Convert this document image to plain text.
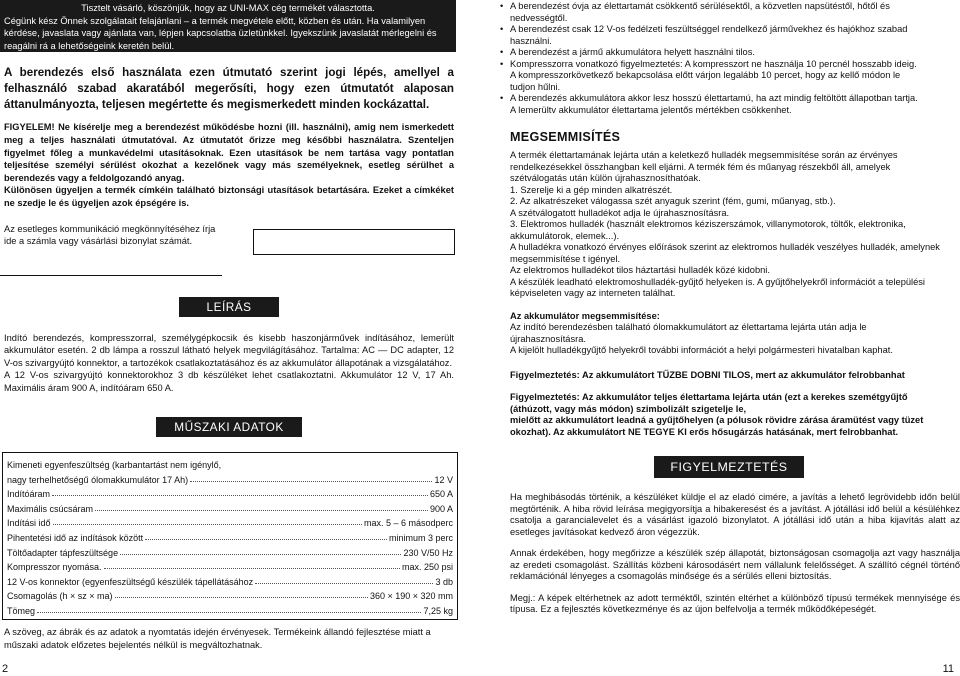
Tisztelt vásárló, köszönjük, hogy az UNI-MAX cég termékét választotta.

Cégünk kész Önnek szolgálatait felajánlani – a termék megvétele előtt, közben és után. Ha valamilyen

kérdése, javaslata vagy ajánlata van, lépjen kapcsolatba üzletünkkel. Igyekszünk javaslatát mérlegelni és

reagálni rá a lehetőségeink keretén belül.

A berendezés első használata ezen útmutató szerint jogi lépés, amellyel a felhasználó szabad akaratából megerősíti, hogy ezen útmutatót alaposan áttanulmányozta, teljesen megértette és megismerkedett minden kockázattal.

FIGYELEM! Ne kísérelje meg a berendezést működésbe hozni (ill. használni), amig nem ismerkedett meg a teljes használati útmutatóval. Az útmutatót őrizze meg későbbi használatra. Szenteljen figyelmet főleg a munkavédelmi utasításoknak. Ezen utasítások be nem tartása vagy pontatlan teljesítése személyi sérülést okozhat a kezelőnek vagy más személyeknek, esetleg sérülhet a berendezés vagy a feldolgozandó anyag.

Különösen ügyeljen a termék címkéin található biztonsági utasítások betartására. Ezeket a címkéket ne szedje le és ügyeljen azok épségére is.

Az esetleges kommunikáció megkönnyítéséhez írja
ide a számla vagy vásárlási bizonylat számát.
LEÍRÁS

Indító berendezés, kompresszorral, személygépkocsik és kisebb haszonjárművek indításához, lemerült akkumulátor esetén. 2 db lámpa a rosszul látható helyek megvilágításához. Tartalma: AC — DC adapter, 12 V-os szivargyújtó konnektor, a tartozékok csatlakoztatásához és az akkumulátor állapotának a vizsgálatához.

A 12 V-os szivargyújtó konnektorokhoz 3 db készüléket lehet csatlakoztatni. Akkumulátor 12 V, 17 Ah. Maximális áram 900 A, indítóáram 650 A.

MŰSZAKI ADATOK
Kimeneti egyenfeszültség (karbantartást nem igénylő,
nagy terhelhetőségű ólomakkumulátor 17 Ah)	12 V
Indítóáram	650 A
Maximális csúcsáram	900 A
Indítási idő	max. 5 – 6 másodperc
Pihentetési idő az indítások között	minimum 3 perc
Töltőadapter tápfeszültsége	230 V/50 Hz
Kompresszor nyomása.	max. 250 psi
12 V-os konnektor (egyenfeszültségű készülék tápellátásához	3 db
Csomagolás (h × sz × ma)	360 × 190 × 320 mm
Tömeg	7,25 kg

A szöveg, az ábrák és az adatok a nyomtatás idején érvényesek. Termékeink állandó fejlesztése miatt a műszaki adatok előzetes bejelentés nélkül is megváltozhatnak.

2
• A berendezést óvja az élettartamát csökkentő sérülésektől, a közvetlen napsütéstől, hőtől és
nedvességtől.
• A berendezést csak 12 V-os fedélzeti feszültséggel rendelkező járművekhez és hajókhoz szabad
használni.
• A berendezést a jármű akkumulátora helyett használni tilos.
• Kompresszorra vonatkozó figyelmeztetés: A kompresszort ne használja 10 percnél hosszabb ideig.
A kompresszorkövetkező bekapcsolása előtt várjon legalább 10 percet, hogy az kellő módon le
tudjon hűlni.
• A berendezés akkumulátora akkor lesz hosszú élettartamú, ha azt mindig feltöltött állapotban tartja.
A lemerültv akkumulátor élettartama jelentős mértékben csökkenhet.
MEGSEMMISÍTÉS

A termék élettartamának lejárta után a keletkező hulladék megsemmisítése során az érvényes

rendelkezésekkel összhangban kell eljárni. A termék fém és műanyag részekből áll, amelyek

szétválogatás után külön újrahasznosíthatóak.

1. Szerelje ki a gép minden alkatrészét.

2. Az alkatrészeket válogassa szét anyaguk szerint (fém, gumi, műanyag, stb.).

A szétválogatott hulladékot adja le újrahasznosításra.

3. Elektromos hulladék (használt elektromos kéziszerszámok, villanymotorok, töltők, elektronika,

akkumulátorok, elemek...).

A hulladékra vonatkozó érvényes előírások szerint az elektromos hulladék veszélyes hulladék, amelynek

megsemmisítése t igényel.

Az elektromos hulladékot tilos háztartási hulladék közé kidobni.

A készülék leadható elektromoshulladék-gyűjtő helyeken is. A gyűjtőhelyekről információt a települési

képviseleten vagy az interneten találhat.

Az akkumulátor megsemmisítése:

Az indító berendezésben található ólomakkumulátort az élettartama lejárta után adja le

újrahasznosításra.

A kijelölt hulladékgyűjtő helyekről további információt a helyi polgármesteri hivatalban kaphat.

Figyelmeztetés: Az akkumulátort TŰZBE DOBNI TILOS, mert az akkumulátor felrobbanhat
Figyelmeztetés: Az akkumulátor teljes élettartama lejárta után (ezt a kerekes szemétgyűjtő
(áthúzott, vagy más módon) szimbolizált szigetelje le,
mielőtt az akkumulátort leadná a gyűjtőhelyen (a pólusok rövidre zárása áramütést vagy tüzet
okozhat). Az akkumulátort NE TEGYE KI erős hősugárzás hatásának, mert felrobbanhat.
FIGYELMEZTETÉS

Ha meghibásodás történik, a készüléket küldje el az eladó cimére, a javítás a lehető legrövidebb időn belül megtörténik. A hiba rövid leírása megigyorsítja a hibakeresést és a javítást. A jótállási idő belül a késüléhkez csatolja a garancialevelet és a vásárlást igazoló bizonylatot. A jótállási idő után a hiba kijavítás alatt az esetleges javításokat kedvező áron végezzük.

Annak érdekében, hogy megőrizze a készülék szép állapotát, biztonságosan csomagolja azt vagy használja az eredeti csomagolást. Szállítás közbeni károsodásért nem vállalunk felelősséget. A szállító cégnél történő reklamációnál lényeges a csomagolás minősége és a sérülés elleni biztosítás.

Megj.: A képek eltérhetnek az adott terméktől, szintén eltérhet a különböző típusú termékek mennyisége és típusa. Ez a fejlesztés következménye és az újon belfelvolja a termék működőképeségét.

11
